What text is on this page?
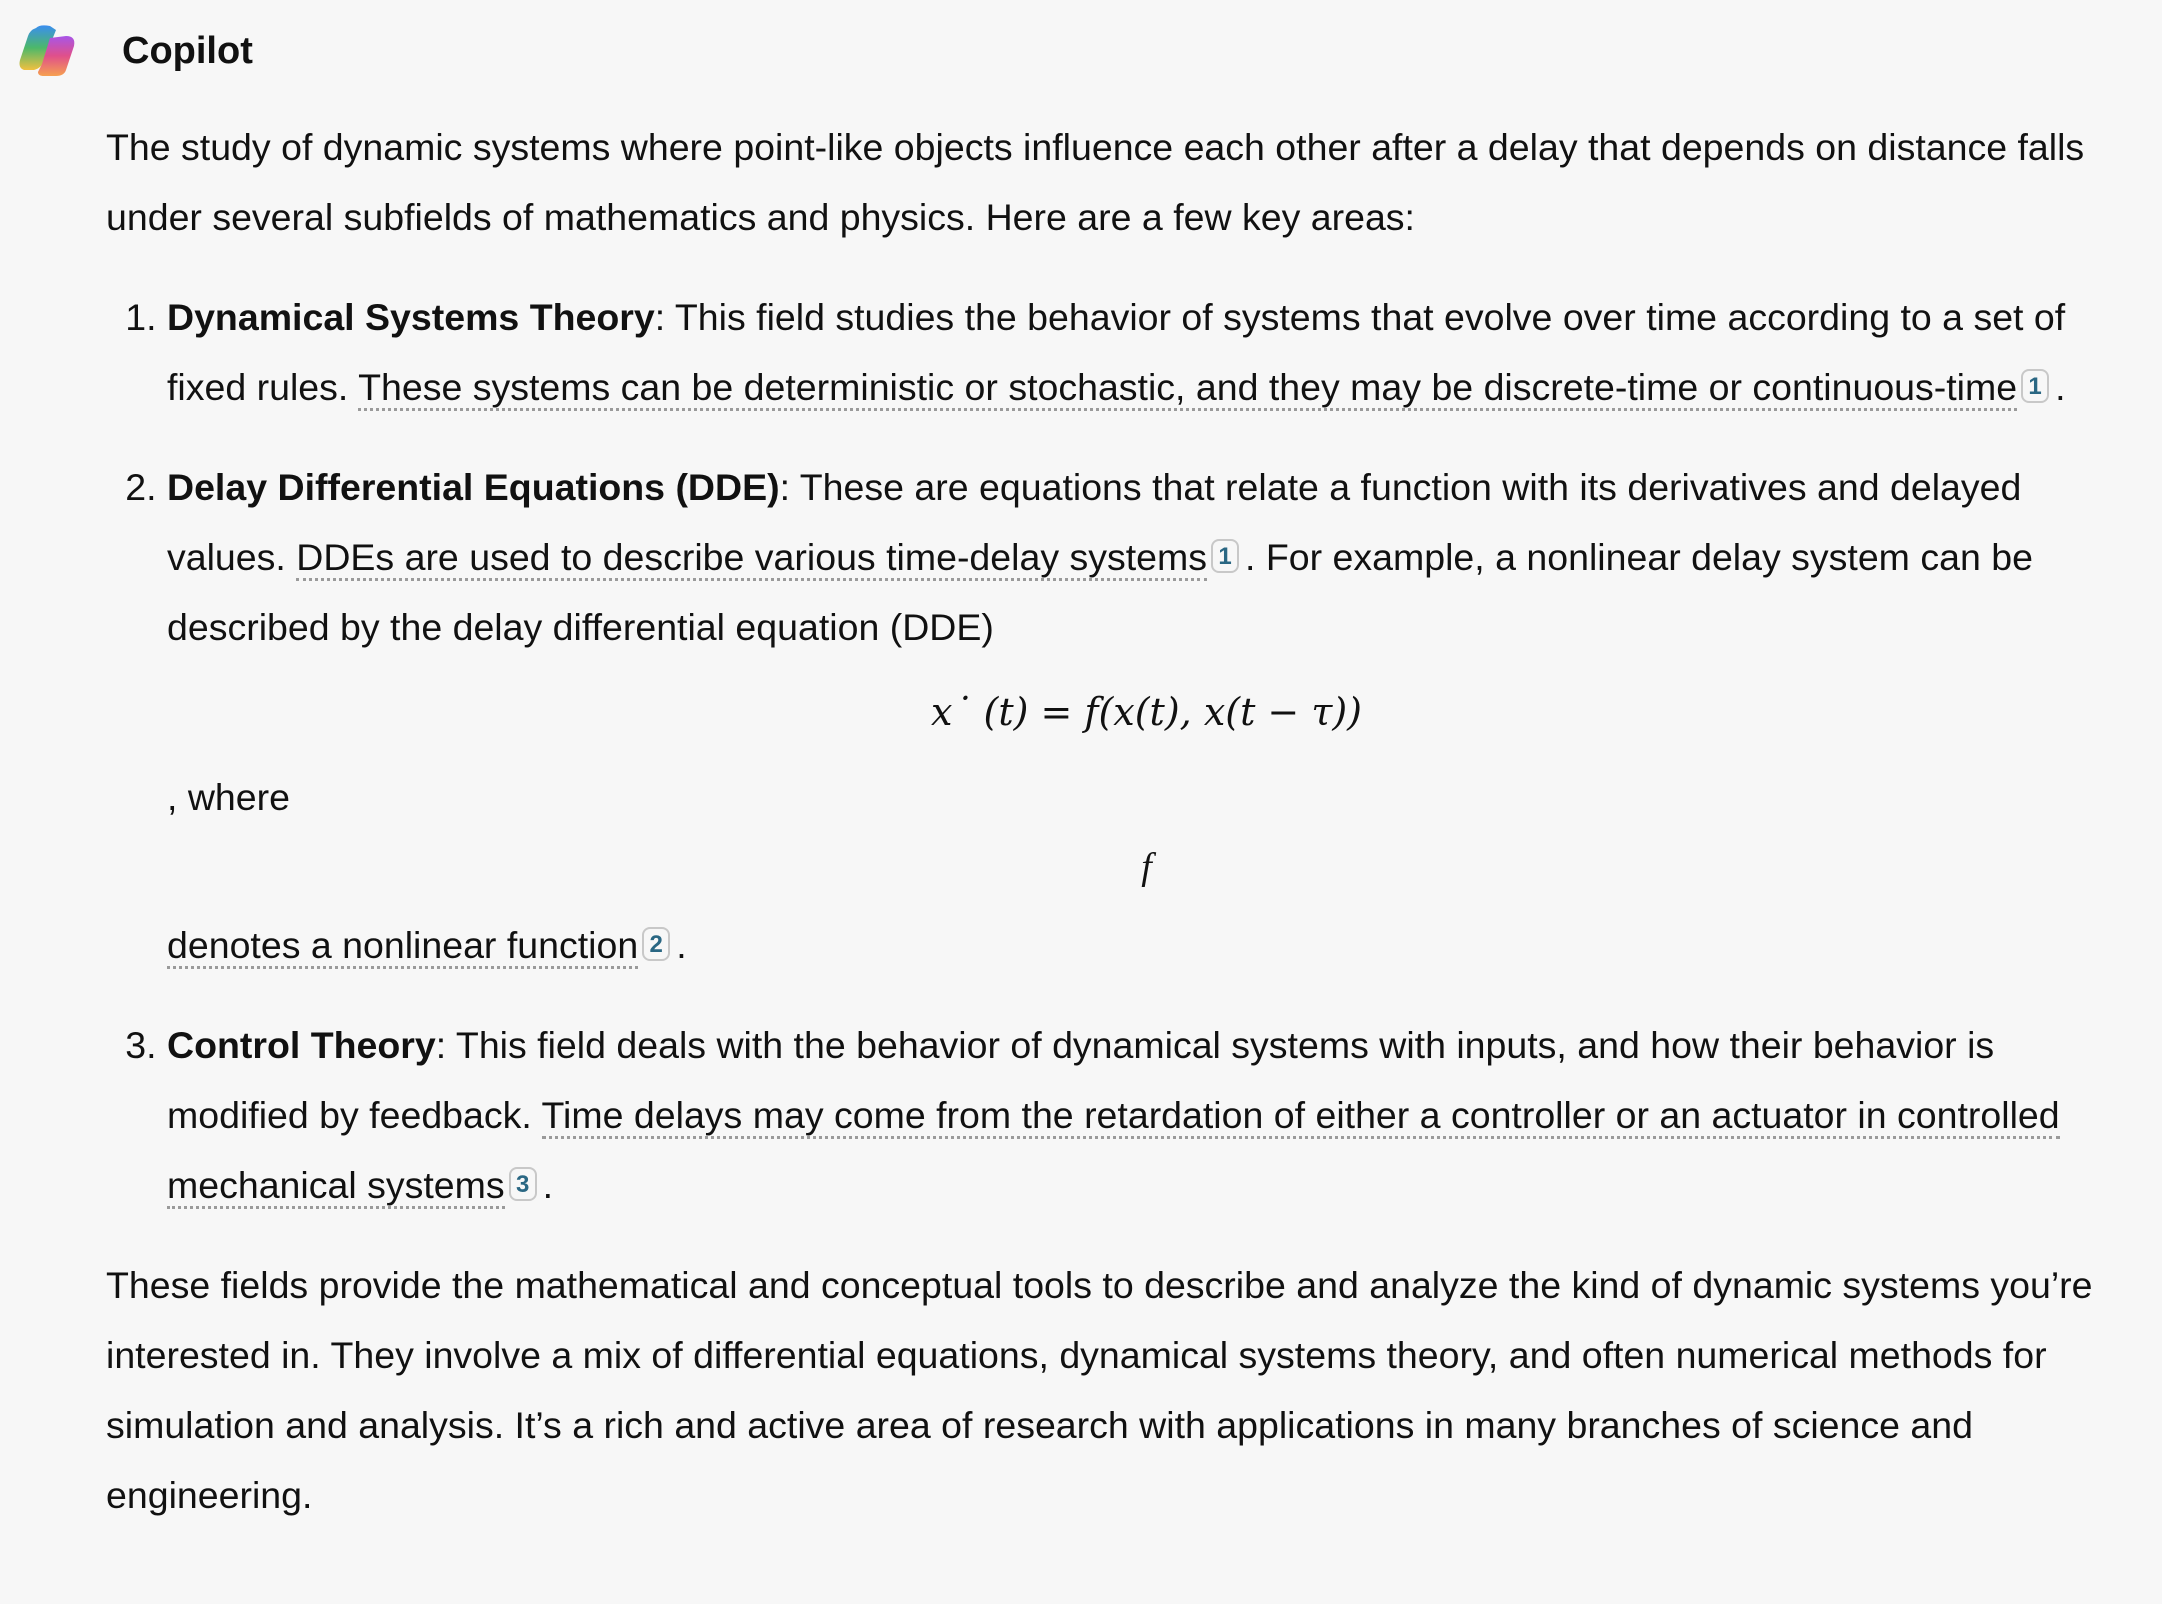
Copilot

The study of dynamic systems where point-like objects influence each other after a delay that depends on distance falls under several subfields of mathematics and physics. Here are a few key areas:

1. Dynamical Systems Theory: This field studies the behavior of systems that evolve over time according to a set of fixed rules. These systems can be deterministic or stochastic, and they may be discrete-time or continuous-time 1 .
2. Delay Differential Equations (DDE): These are equations that relate a function with its derivatives and delayed values. DDEs are used to describe various time-delay systems 1 . For example, a nonlinear delay system can be described by the delay differential equation (DDE)
x˙ (t) = f(x(t), x(t − τ))
, where
f
denotes a nonlinear function 2 .
3. Control Theory: This field deals with the behavior of dynamical systems with inputs, and how their behavior is modified by feedback. Time delays may come from the retardation of either a controller or an actuator in controlled mechanical systems 3 .

These fields provide the mathematical and conceptual tools to describe and analyze the kind of dynamic systems you’re interested in. They involve a mix of differential equations, dynamical systems theory, and often numerical methods for simulation and analysis. It’s a rich and active area of research with applications in many branches of science and engineering.
